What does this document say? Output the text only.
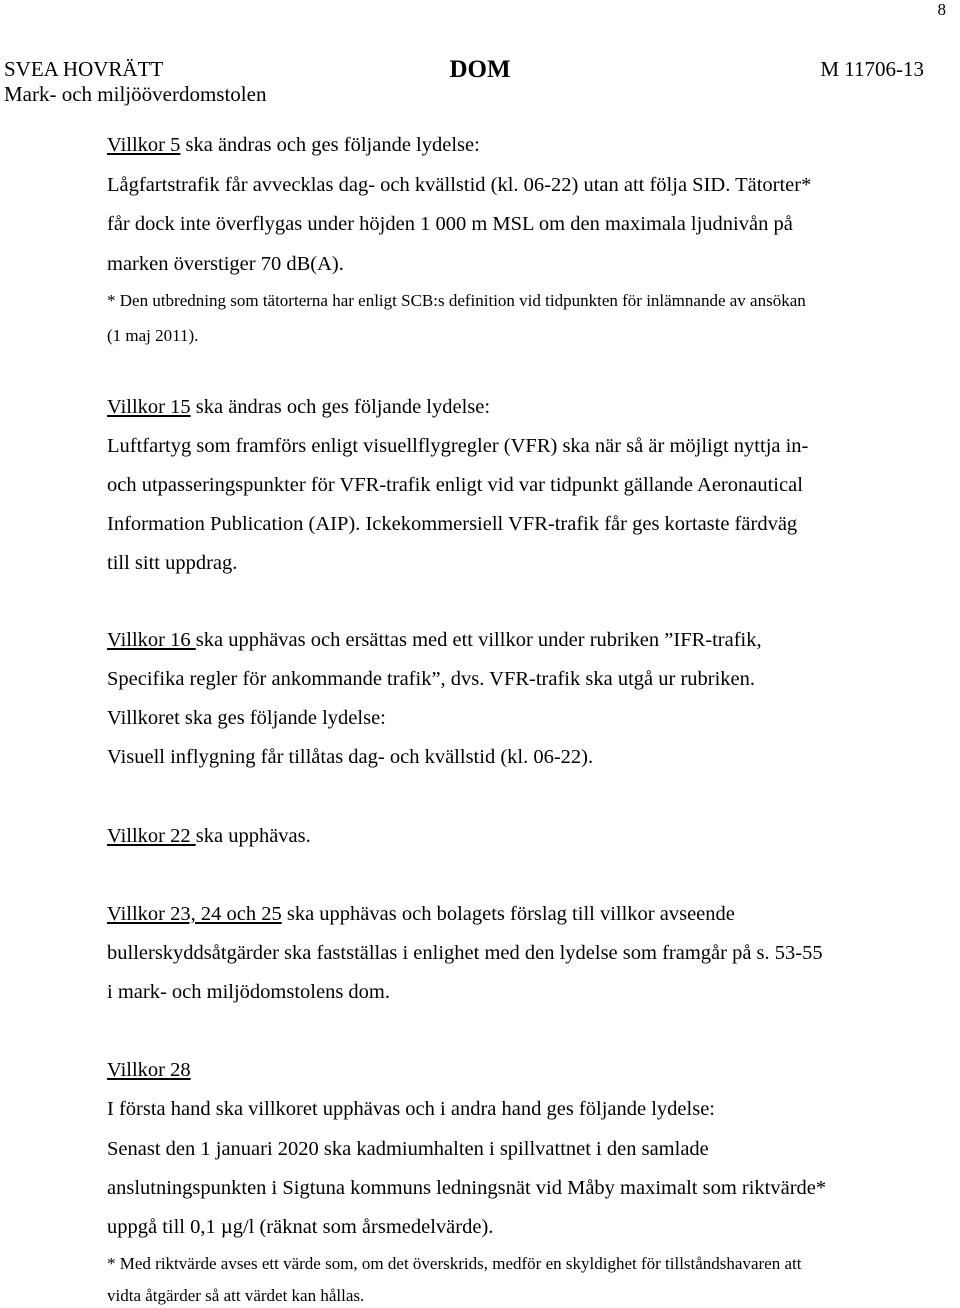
8
SVEA HOVRÄTT
Mark- och miljööverdomstolen
DOM	M 11706-13
Villkor 5 ska ändras och ges följande lydelse:
Lågfartstrafik får avvecklas dag- och kvällstid (kl. 06-22) utan att följa SID. Tätorter*
får dock inte överflygas under höjden 1 000 m MSL om den maximala ljudnivån på
marken överstiger 70 dB(A).
* Den utbredning som tätorterna har enligt SCB:s definition vid tidpunkten för inlämnande av ansökan
(1 maj 2011).
Villkor 15 ska ändras och ges följande lydelse:
Luftfartyg som framförs enligt visuellflygregler (VFR) ska när så är möjligt nyttja in-
och utpasseringspunkter för VFR-trafik enligt vid var tidpunkt gällande Aeronautical
Information Publication (AIP). Ickekommersiell VFR-trafik får ges kortaste färdväg
till sitt uppdrag.
Villkor 16 ska upphävas och ersättas med ett villkor under rubriken ”IFR-trafik,
Specifika regler för ankommande trafik”, dvs. VFR-trafik ska utgå ur rubriken.
Villkoret ska ges följande lydelse:
Visuell inflygning får tillåtas dag- och kvällstid (kl. 06-22).
Villkor 22 ska upphävas.
Villkor 23, 24 och 25 ska upphävas och bolagets förslag till villkor avseende
bullerskyddsåtgärder ska fastställas i enlighet med den lydelse som framgår på s. 53-55
i mark- och miljödomstolens dom.
Villkor 28
I första hand ska villkoret upphävas och i andra hand ges följande lydelse:
Senast den 1 januari 2020 ska kadmiumhalten i spillvattnet i den samlade
anslutningspunkten i Sigtuna kommuns ledningsnät vid Måby maximalt som riktvärde*
uppgå till 0,1 µg/l (räknat som årsmedelvärde).
* Med riktvärde avses ett värde som, om det överskrids, medför en skyldighet för tillståndshavaren att
vidta åtgärder så att värdet kan hållas.
